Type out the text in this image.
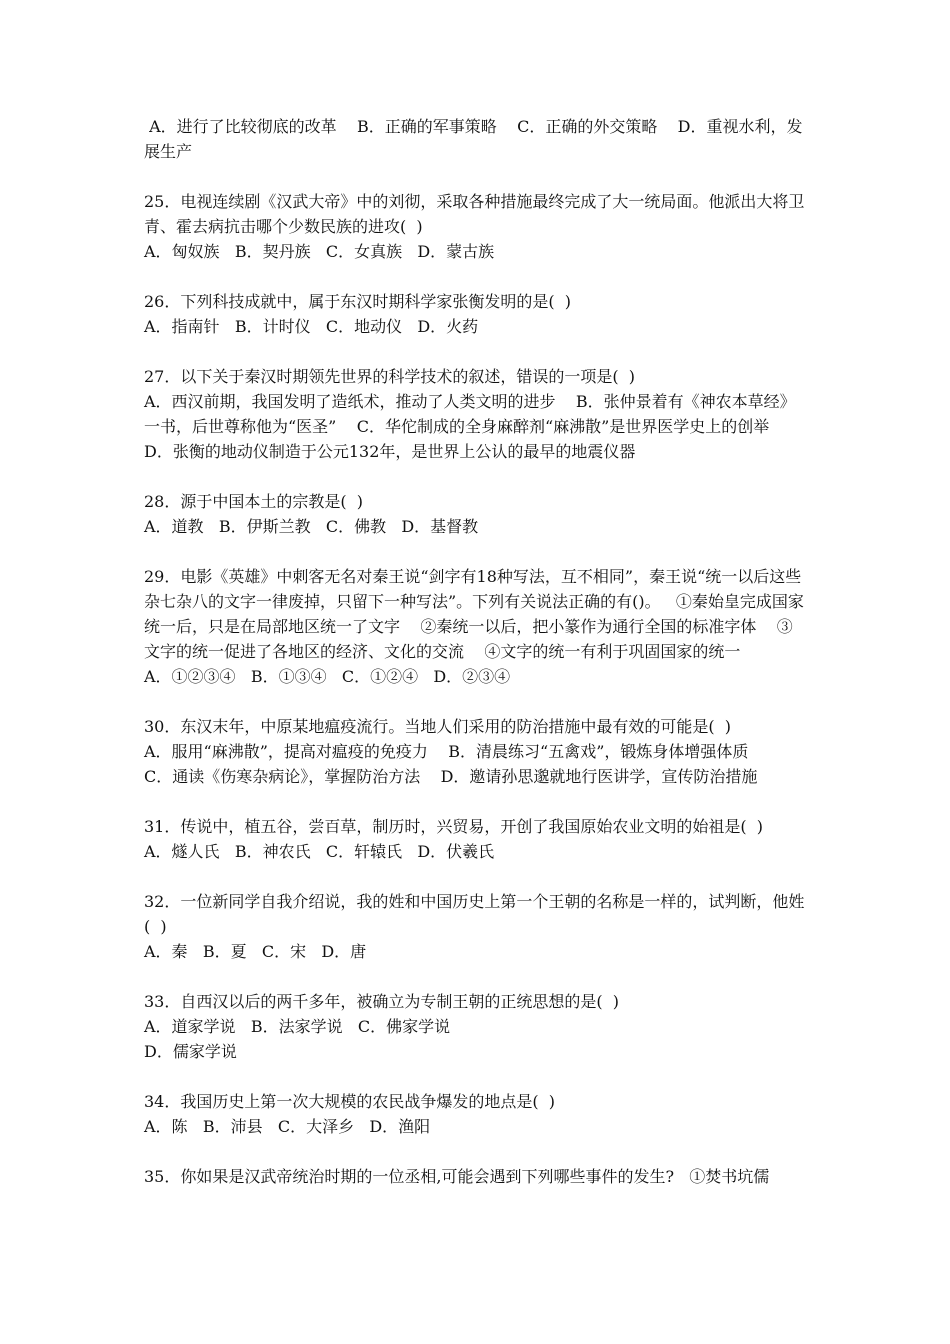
A．进行了比较彻底的改革    B．正确的军事策略    C．正确的外交策略    D．重视水利，发展生产

25．电视连续剧《汉武大帝》中的刘彻，采取各种措施最终完成了大一统局面。他派出大将卫青、霍去病抗击哪个少数民族的进攻(  )

A．匈奴族   B．契丹族   C．女真族   D．蒙古族

26．下列科技成就中，属于东汉时期科学家张衡发明的是(  )

A．指南针   B．计时仪   C．地动仪   D．火药

27．以下关于秦汉时期领先世界的科学技术的叙述，错误的一项是(  )

A．西汉前期，我国发明了造纸术，推动了人类文明的进步    B．张仲景着有《神农本草经》一书，后世尊称他为“医圣”    C．华佗制成的全身麻醉剂“麻沸散”是世界医学史上的创举    D．张衡的地动仪制造于公元132年，是世界上公认的最早的地震仪器

28．源于中国本土的宗教是(  )

A．道教   B．伊斯兰教   C．佛教   D．基督教

29．电影《英雄》中刺客无名对秦王说“剑字有18种写法，互不相同”，秦王说“统一以后这些杂七杂八的文字一律废掉，只留下一种写法”。下列有关说法正确的有()。   ①秦始皇完成国家统一后，只是在局部地区统一了文字    ②秦统一以后，把小篆作为通行全国的标准字体    ③文字的统一促进了各地区的经济、文化的交流    ④文字的统一有利于巩固国家的统一

A．①②③④   B．①③④   C．①②④   D．②③④

30．东汉末年，中原某地瘟疫流行。当地人们采用的防治措施中最有效的可能是(  )

A．服用“麻沸散”，提高对瘟疫的免疫力    B．清晨练习“五禽戏”，锻炼身体增强体质

C．通读《伤寒杂病论》，掌握防治方法    D．邀请孙思邈就地行医讲学，宣传防治措施

31．传说中，植五谷，尝百草，制历时，兴贸易，开创了我国原始农业文明的始祖是(  )

A．燧人氏   B．神农氏   C．轩辕氏   D．伏羲氏

32．一位新同学自我介绍说，我的姓和中国历史上第一个王朝的名称是一样的，试判断，他姓(  )

A．秦   B．夏   C．宋   D．唐

33．自西汉以后的两千多年，被确立为专制王朝的正统思想的是(  )

A．道家学说   B．法家学说   C．佛家学说

D．儒家学说

34．我国历史上第一次大规模的农民战争爆发的地点是(  )

A．陈   B．沛县   C．大泽乡   D．渔阳

35．你如果是汉武帝统治时期的一位丞相,可能会遇到下列哪些事件的发生?   ①焚书坑儒
